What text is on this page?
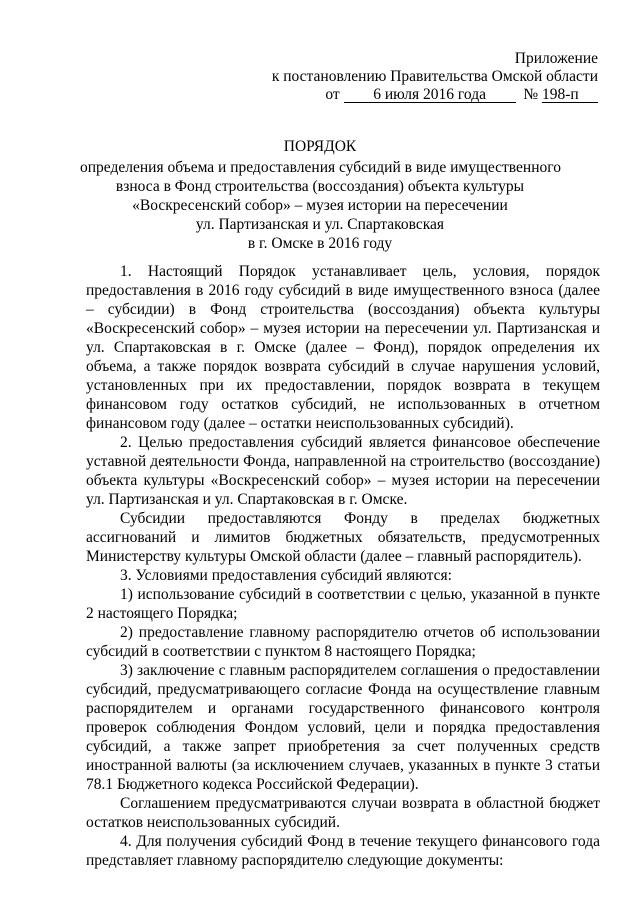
Приложение
к постановлению Правительства Омской области
от 6 июля 2016 года № 198-п
ПОРЯДОК
определения объема и предоставления субсидий в виде имущественного
взноса в Фонд строительства (воссоздания) объекта культуры
«Воскресенский собор» – музея истории на пересечении
ул. Партизанская и ул. Спартаковская
в г. Омске в 2016 году

1. Настоящий Порядок устанавливает цель, условия, порядок предоставления в 2016 году субсидий в виде имущественного взноса (далее – субсидии) в Фонд строительства (воссоздания) объекта культуры «Воскресенский собор» – музея истории на пересечении ул. Партизанская и ул. Спартаковская в г. Омске (далее – Фонд), порядок определения их объема, а также порядок возврата субсидий в случае нарушения условий, установленных при их предоставлении, порядок возврата в текущем финансовом году остатков субсидий, не использованных в отчетном финансовом году (далее – остатки неиспользованных субсидий).

2. Целью предоставления субсидий является финансовое обеспечение уставной деятельности Фонда, направленной на строительство (воссоздание) объекта культуры «Воскресенский собор» – музея истории на пересечении ул. Партизанская и ул. Спартаковская в г. Омске.

Субсидии предоставляются Фонду в пределах бюджетных ассигнований и лимитов бюджетных обязательств, предусмотренных Министерству культуры Омской области (далее – главный распорядитель).

3. Условиями предоставления субсидий являются:

1) использование субсидий в соответствии с целью, указанной в пункте 2 настоящего Порядка;

2) предоставление главному распорядителю отчетов об использовании субсидий в соответствии с пунктом 8 настоящего Порядка;

3) заключение с главным распорядителем соглашения о предоставлении субсидий, предусматривающего согласие Фонда на осуществление главным распорядителем и органами государственного финансового контроля проверок соблюдения Фондом условий, цели и порядка предоставления субсидий, а также запрет приобретения за счет полученных средств иностранной валюты (за исключением случаев, указанных в пункте 3 статьи 78.1 Бюджетного кодекса Российской Федерации).

Соглашением предусматриваются случаи возврата в областной бюджет остатков неиспользованных субсидий.

4. Для получения субсидий Фонд в течение текущего финансового года представляет главному распорядителю следующие документы:
